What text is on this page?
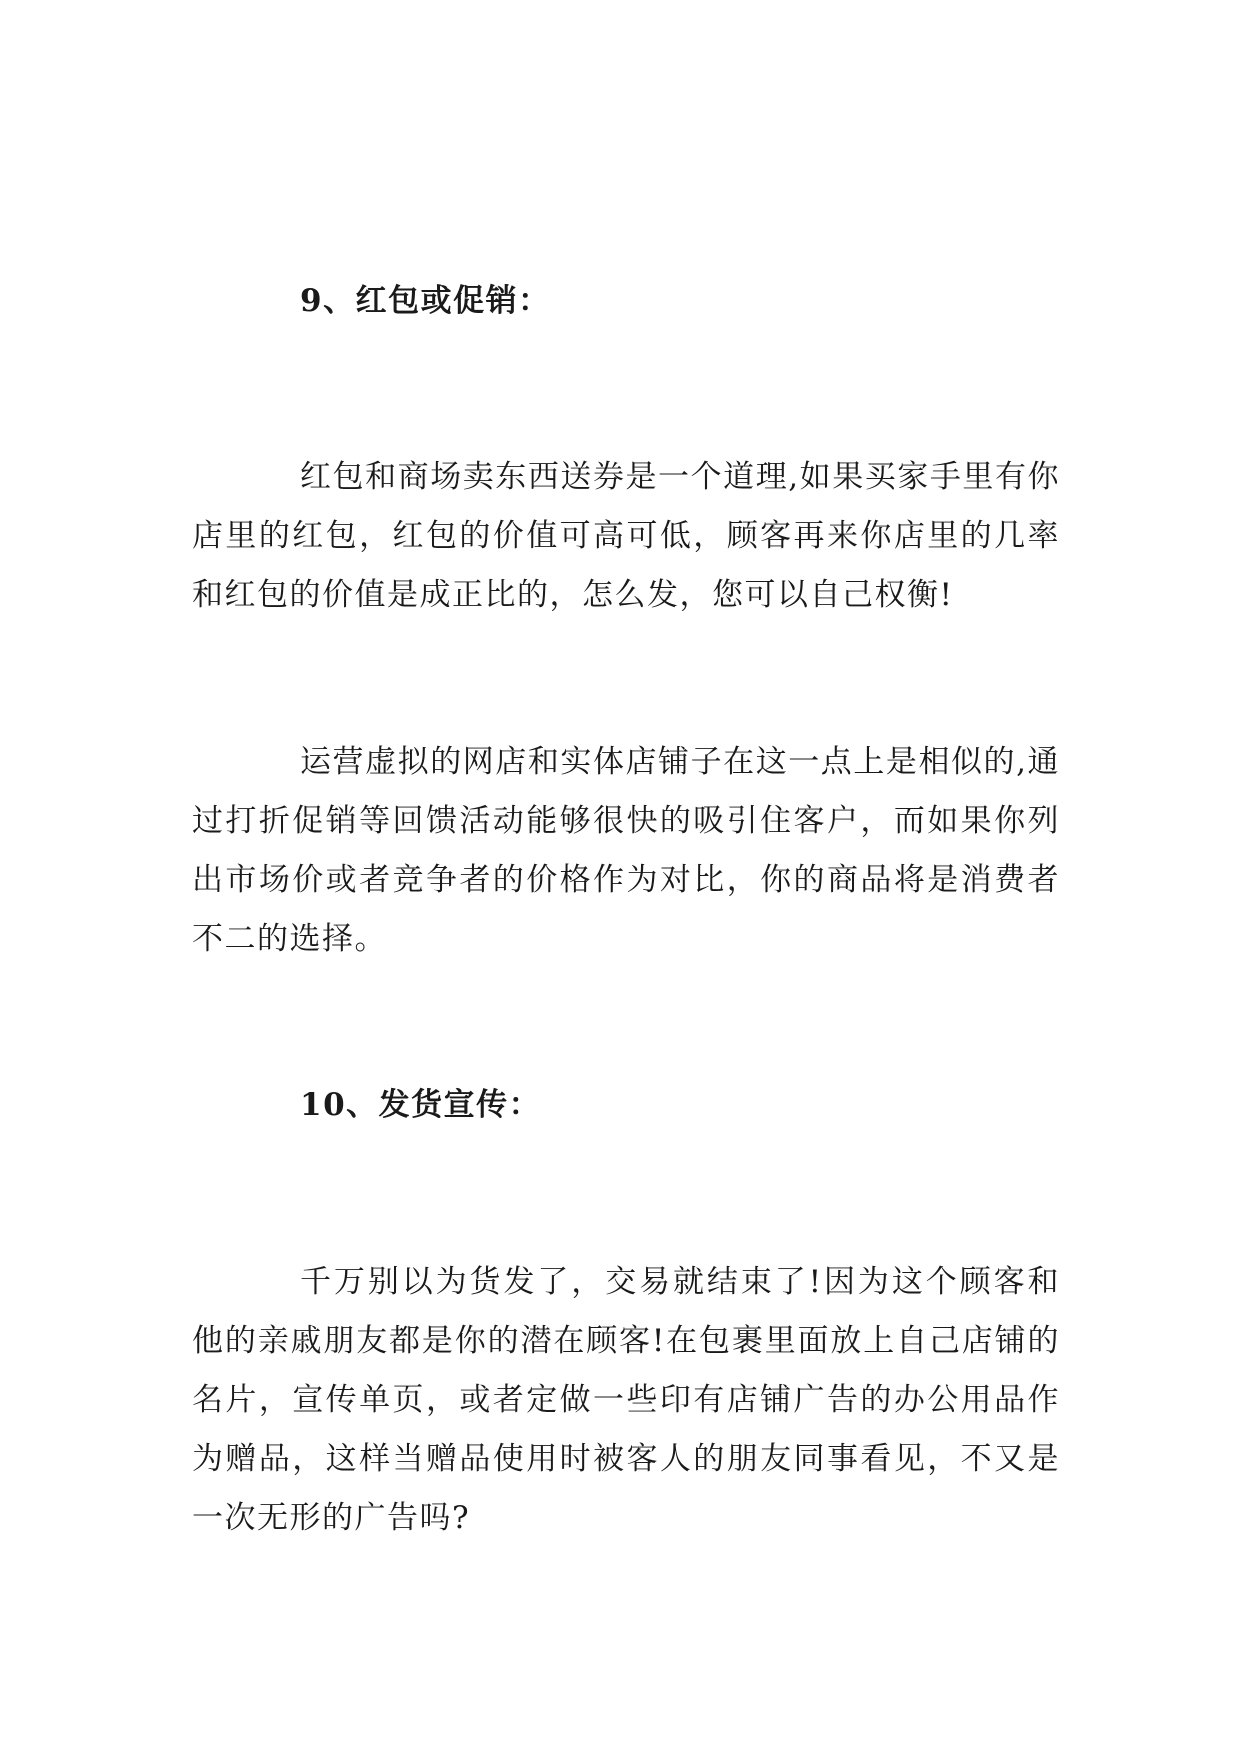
9、红包或促销：

红包和商场卖东西送券是一个道理,如果买家手里有你店里的红包，红包的价值可高可低，顾客再来你店里的几率和红包的价值是成正比的，怎么发，您可以自己权衡!

运营虚拟的网店和实体店铺子在这一点上是相似的,通过打折促销等回馈活动能够很快的吸引住客户，而如果你列出市场价或者竞争者的价格作为对比，你的商品将是消费者不二的选择。

10、发货宣传：

千万别以为货发了，交易就结束了!因为这个顾客和他的亲戚朋友都是你的潜在顾客!在包裹里面放上自己店铺的名片，宣传单页，或者定做一些印有店铺广告的办公用品作为赠品，这样当赠品使用时被客人的朋友同事看见，不又是一次无形的广告吗?
